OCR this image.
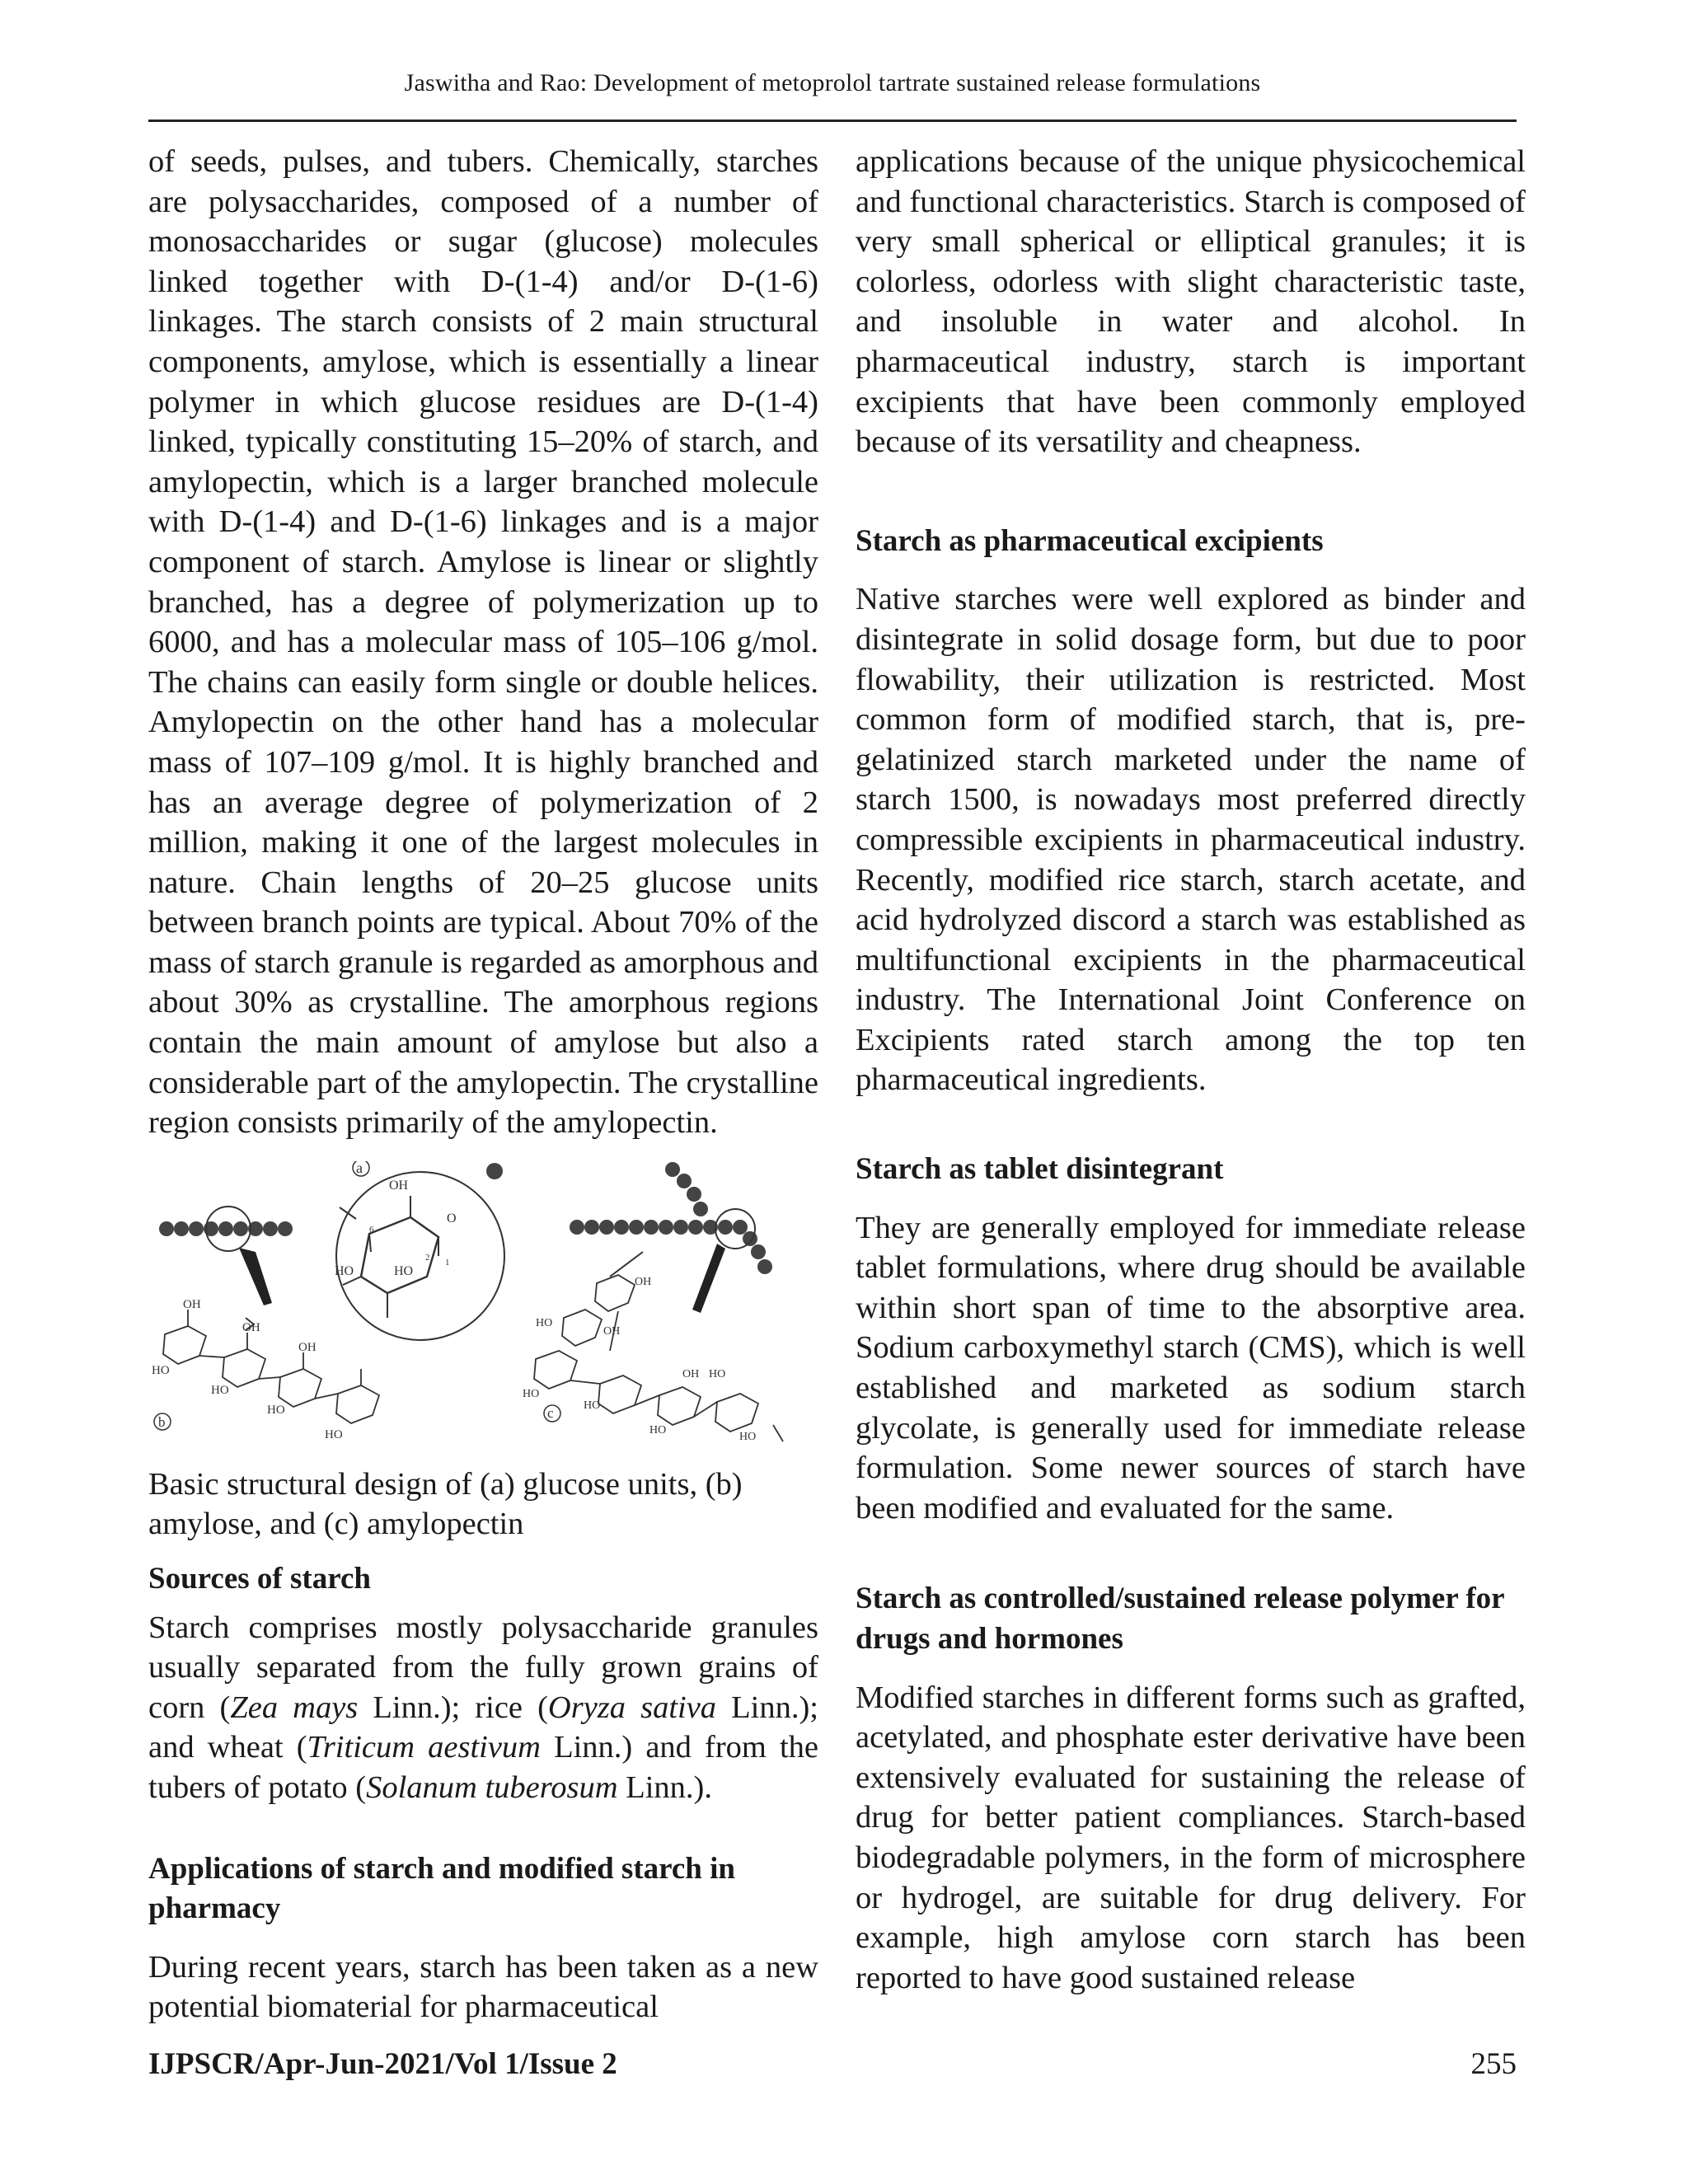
Jaswitha and Rao: Development of metoprolol tartrate sustained release formulations

of seeds, pulses, and tubers. Chemically, starches are polysaccharides, composed of a number of monosaccharides or sugar (glucose) molecules linked together with D-(1-4) and/or D-(1-6) linkages. The starch consists of 2 main structural components, amylose, which is essentially a linear polymer in which glucose residues are D-(1-4) linked, typically constituting 15–20% of starch, and amylopectin, which is a larger branched molecule with D-(1-4) and D-(1-6) linkages and is a major component of starch. Amylose is linear or slightly branched, has a degree of polymerization up to 6000, and has a molecular mass of 105–106 g/mol. The chains can easily form single or double helices. Amylopectin on the other hand has a molecular mass of 107–109 g/mol. It is highly branched and has an average degree of polymerization of 2 million, making it one of the largest molecules in nature. Chain lengths of 20–25 glucose units between branch points are typical. About 70% of the mass of starch granule is regarded as amorphous and about 30% as crystalline. The amorphous regions contain the main amount of amylose but also a considerable part of the amylopectin. The crystalline region consists primarily of the amylopectin.

a
OH
HO	HO
O
6
1
2
OH
OH
OH
HO
HO
HO
HO
b
OH
HO
OH
HO
HO
HO
HO
OH
HO
c

Basic structural design of (a) glucose units, (b) amylose, and (c) amylopectin

Sources of starch

Starch comprises mostly polysaccharide granules usually separated from the fully grown grains of corn (Zea mays Linn.); rice (Oryza sativa Linn.); and wheat (Triticum aestivum Linn.) and from the tubers of potato (Solanum tuberosum Linn.).

Applications of starch and modified starch in pharmacy

During recent years, starch has been taken as a new potential biomaterial for pharmaceutical

applications because of the unique physicochemical and functional characteristics. Starch is composed of very small spherical or elliptical granules; it is colorless, odorless with slight characteristic taste, and insoluble in water and alcohol. In pharmaceutical industry, starch is important excipients that have been commonly employed because of its versatility and cheapness.

Starch as pharmaceutical excipients

Native starches were well explored as binder and disintegrate in solid dosage form, but due to poor flowability, their utilization is restricted. Most common form of modified starch, that is, pre-gelatinized starch marketed under the name of starch 1500, is nowadays most preferred directly compressible excipients in pharmaceutical industry. Recently, modified rice starch, starch acetate, and acid hydrolyzed discord a starch was established as multifunctional excipients in the pharmaceutical industry. The International Joint Conference on Excipients rated starch among the top ten pharmaceutical ingredients.

Starch as tablet disintegrant

They are generally employed for immediate release tablet formulations, where drug should be available within short span of time to the absorptive area. Sodium carboxymethyl starch (CMS), which is well established and marketed as sodium starch glycolate, is generally used for immediate release formulation. Some newer sources of starch have been modified and evaluated for the same.

Starch as controlled/sustained release polymer for drugs and hormones

Modified starches in different forms such as grafted, acetylated, and phosphate ester derivative have been extensively evaluated for sustaining the release of drug for better patient compliances. Starch-based biodegradable polymers, in the form of microsphere or hydrogel, are suitable for drug delivery. For example, high amylose corn starch has been reported to have good sustained release

IJPSCR/Apr-Jun-2021/Vol 1/Issue 2	255
